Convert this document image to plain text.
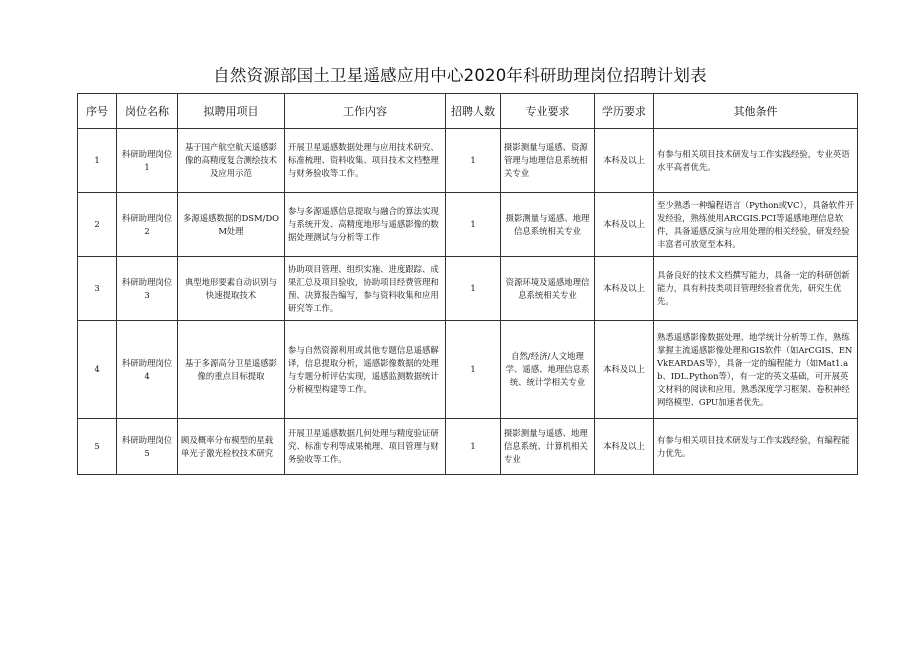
自然资源部国土卫星遥感应用中心2020年科研助理岗位招聘计划表
序号	岗位名称	拟聘用项目	工作内容	招聘人数	专业要求	学历要求	其他条件
1	科研助理岗位1	基于国产航空航天遥感影像的高精度复合测绘技术及应用示范	开展卫星遥感数据处理与应用技术研究、标准梳理、资料收集、项目技术文档整理与财务验收等工作。	1	摄影测量与遥感、资源管理与地理信息系统相关专业	本科及以上	有参与相关项目技术研发与工作实践经验，专业英语水平高者优先。
2	科研助理岗位2	多源遥感数据的DSM/DOM处理	参与多源遥感信息提取与融合的算法实现与系统开发、高精度地形与遥感影像的数据处理测试与分析等工作	1	摄影测量与遥感、地理信息系统相关专业	本科及以上	至少熟悉一种编程语言（Python或VC），具备软件开发经验，熟练使用ARCGIS.PCI等遥感地理信息软件，具备遥感反演与应用处理的相关经验，研发经验丰富者可放宽至本科。
3	科研助理岗位3	典型地形要素自动识别与快速提取技术	协助项目管理、组织实施、进度跟踪、成果汇总及项目验收，协助项目经费管理和预、决算报告编写，参与资料收集和应用研究等工作。	1	资源环境及遥感地理信息系统相关专业	本科及以上	具备良好的技术文档撰写能力，具备一定的科研创新能力，具有科技类项目管理经验者优先，研究生优先。
4	科研助理岗位4	基于多源高分卫星遥感影像的重点目标提取	参与自然资源利用或其他专题信息遥感解译，信息提取分析，遥感影像数据的处理与专题分析评估实现，遥感监测数据统计分析模型构建等工作。	1	自然/经济/人文地理学、遥感、地理信息系统、统计学相关专业	本科及以上	熟悉遥感影像数据处理、地学统计分析等工作，熟练掌握主流遥感影像处理和GIS软件（如ArCGIS、ENVkEARDAS等），具备一定的编程能力（如Mat1.ab、IDL.Python等），有一定的英文基础，可开展英文材料的阅读和应用。熟悉深度学习框架、卷积神经网络模型、GPU加速者优先。
5	科研助理岗位5	顾及概率分布模型的星载单光子激光检校技术研究	开展卫星遥感数据几何处理与精度验证研究、标准专利等成果梳理、项目管理与财务验收等工作。	1	摄影测量与遥感、地理信息系统、计算机相关专业	本科及以上	有参与相关项目技术研发与工作实践经验，有编程能力优先。
